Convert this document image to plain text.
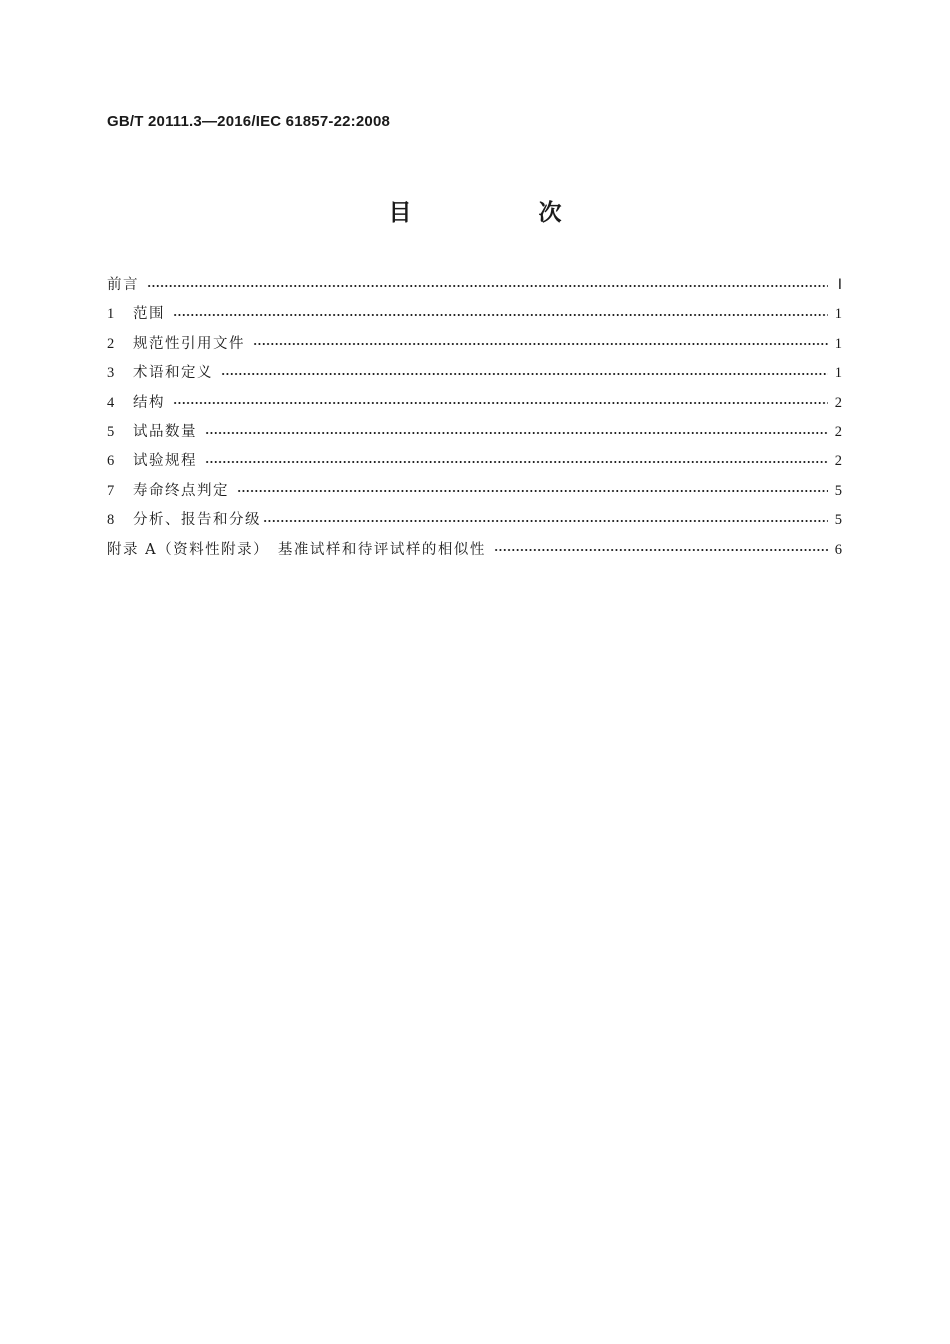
GB/T 20111.3—2016/IEC 61857-22:2008
目　次
前言	Ⅰ
1	范围	1
2	规范性引用文件	1
3	术语和定义	1
4	结构	2
5	试品数量	2
6	试验规程	2
7	寿命终点判定	5
8	分析、报告和分级	5
附录 A（资料性附录）　基准试样和待评试样的相似性	6
